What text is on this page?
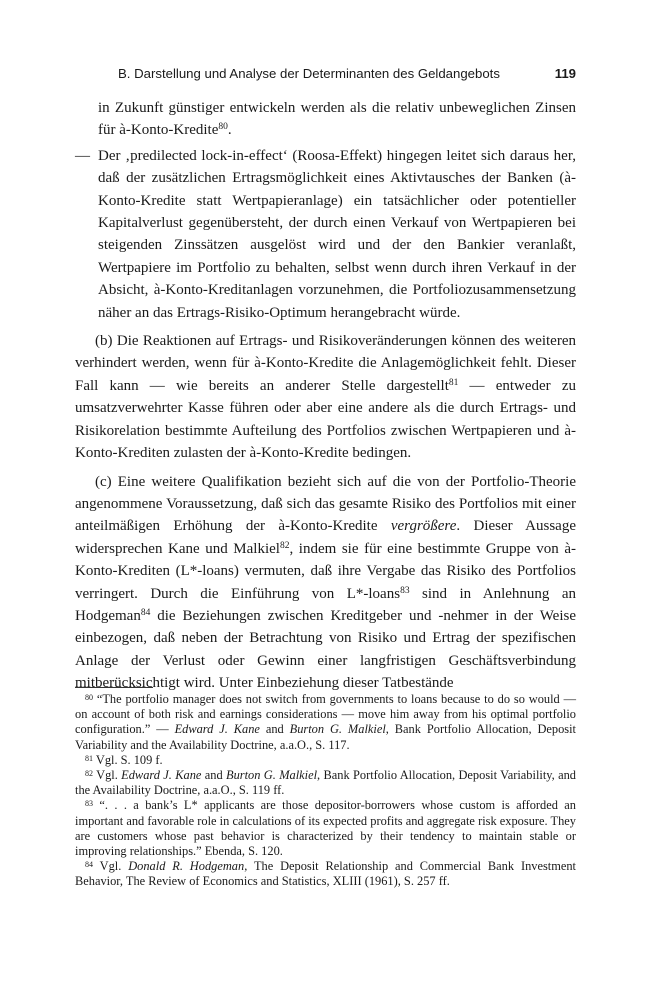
B. Darstellung und Analyse der Determinanten des Geldangebots	119

in Zukunft günstiger entwickeln werden als die relativ unbeweglichen Zinsen für à-Konto-Kredite$^{80}$.

— Der ‚predilected lock-in-effect‘ (Roosa-Effekt) hingegen leitet sich daraus her, daß der zusätzlichen Ertragsmöglichkeit eines Aktivtausches der Banken (à-Konto-Kredite statt Wertpapieranlage) ein tatsächlicher oder potentieller Kapitalverlust gegenübersteht, der durch einen Verkauf von Wertpapieren bei steigenden Zinssätzen ausgelöst wird und der den Bankier veranlaßt, Wertpapiere im Portfolio zu behalten, selbst wenn durch ihren Verkauf in der Absicht, à-Konto-Kreditanlagen vorzunehmen, die Portfoliozusammensetzung näher an das Ertrags-Risiko-Optimum herangebracht würde.

(b) Die Reaktionen auf Ertrags- und Risikoveränderungen können des weiteren verhindert werden, wenn für à-Konto-Kredite die Anlagemöglichkeit fehlt. Dieser Fall kann — wie bereits an anderer Stelle dargestellt$^{81}$ — entweder zu umsatzverwehrter Kasse führen oder aber eine andere als die durch Ertrags- und Risikorelation bestimmte Aufteilung des Portfolios zwischen Wertpapieren und à-Konto-Krediten zulasten der à-Konto-Kredite bedingen.

(c) Eine weitere Qualifikation bezieht sich auf die von der Portfolio-Theorie angenommene Voraussetzung, daß sich das gesamte Risiko des Portfolios mit einer anteilmäßigen Erhöhung der à-Konto-Kredite vergrößere. Dieser Aussage widersprechen Kane und Malkiel$^{82}$, indem sie für eine bestimmte Gruppe von à-Konto-Krediten (L*-loans) vermuten, daß ihre Vergabe das Risiko des Portfolios verringert. Durch die Einführung von L*-loans$^{83}$ sind in Anlehnung an Hodgeman$^{84}$ die Beziehungen zwischen Kreditgeber und -nehmer in der Weise einbezogen, daß neben der Betrachtung von Risiko und Ertrag der spezifischen Anlage der Verlust oder Gewinn einer langfristigen Geschäftsverbindung mitberücksichtigt wird. Unter Einbeziehung dieser Tatbestände

$^{80}$ “The portfolio manager does not switch from governments to loans because to do so would — on account of both risk and earnings considerations — move him away from his optimal portfolio configuration.” — Edward J. Kane and Burton G. Malkiel, Bank Portfolio Allocation, Deposit Variability and the Availability Doctrine, a.a.O., S. 117.

$^{81}$ Vgl. S. 109 f.

$^{82}$ Vgl. Edward J. Kane and Burton G. Malkiel, Bank Portfolio Allocation, Deposit Variability, and the Availability Doctrine, a.a.O., S. 119 ff.

$^{83}$ “. . . a bank’s L* applicants are those depositor-borrowers whose custom is afforded an important and favorable role in calculations of its expected profits and aggregate risk exposure. They are customers whose past behavior is characterized by their tendency to maintain stable or improving relationships.” Ebenda, S. 120.

$^{84}$ Vgl. Donald R. Hodgeman, The Deposit Relationship and Commercial Bank Investment Behavior, The Review of Economics and Statistics, XLIII (1961), S. 257 ff.
